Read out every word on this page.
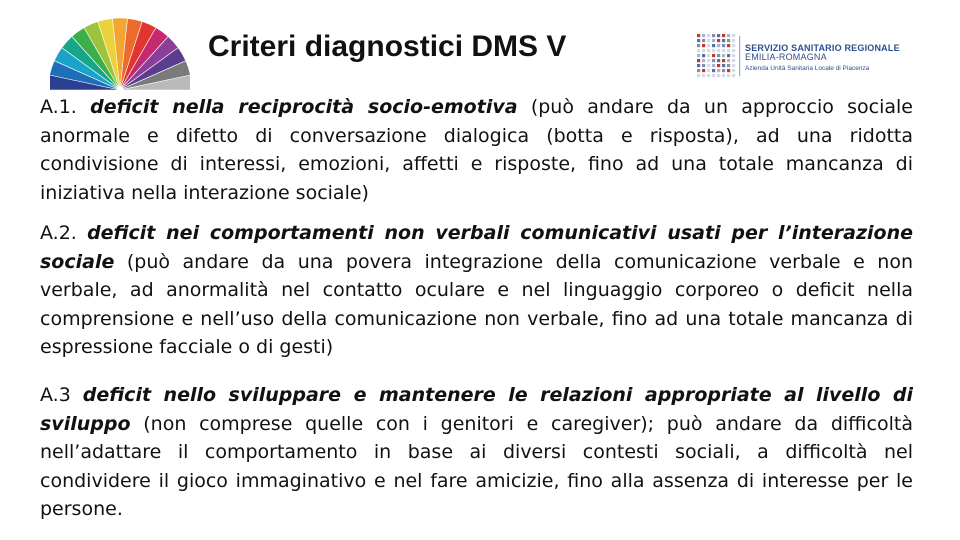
Criteri diagnostici DMS V	SERVIZIO SANITARIO REGIONALE
EMILIA-ROMAGNA
Azienda Unità Sanitaria Locale di Piacenza

A.1. deficit nella reciprocità socio-emotiva (può andare da un approccio sociale anormale e difetto di conversazione dialogica (botta e risposta), ad una ridotta condivisione di interessi, emozioni, affetti e risposte, fino ad una totale mancanza di iniziativa nella interazione sociale)

A.2. deficit nei comportamenti non verbali comunicativi usati per l’interazione sociale (può andare da una povera integrazione della comunicazione verbale e non verbale, ad anormalità nel contatto oculare e nel linguaggio corporeo o deficit nella comprensione e nell’uso della comunicazione non verbale, fino ad una totale mancanza di espressione facciale o di gesti)

A.3 deficit nello sviluppare e mantenere le relazioni appropriate al livello di sviluppo (non comprese quelle con i genitori e caregiver); può andare da difficoltà nell’adattare il comportamento in base ai diversi contesti sociali, a difficoltà nel condividere il gioco immaginativo e nel fare amicizie, fino alla assenza di interesse per le persone.
